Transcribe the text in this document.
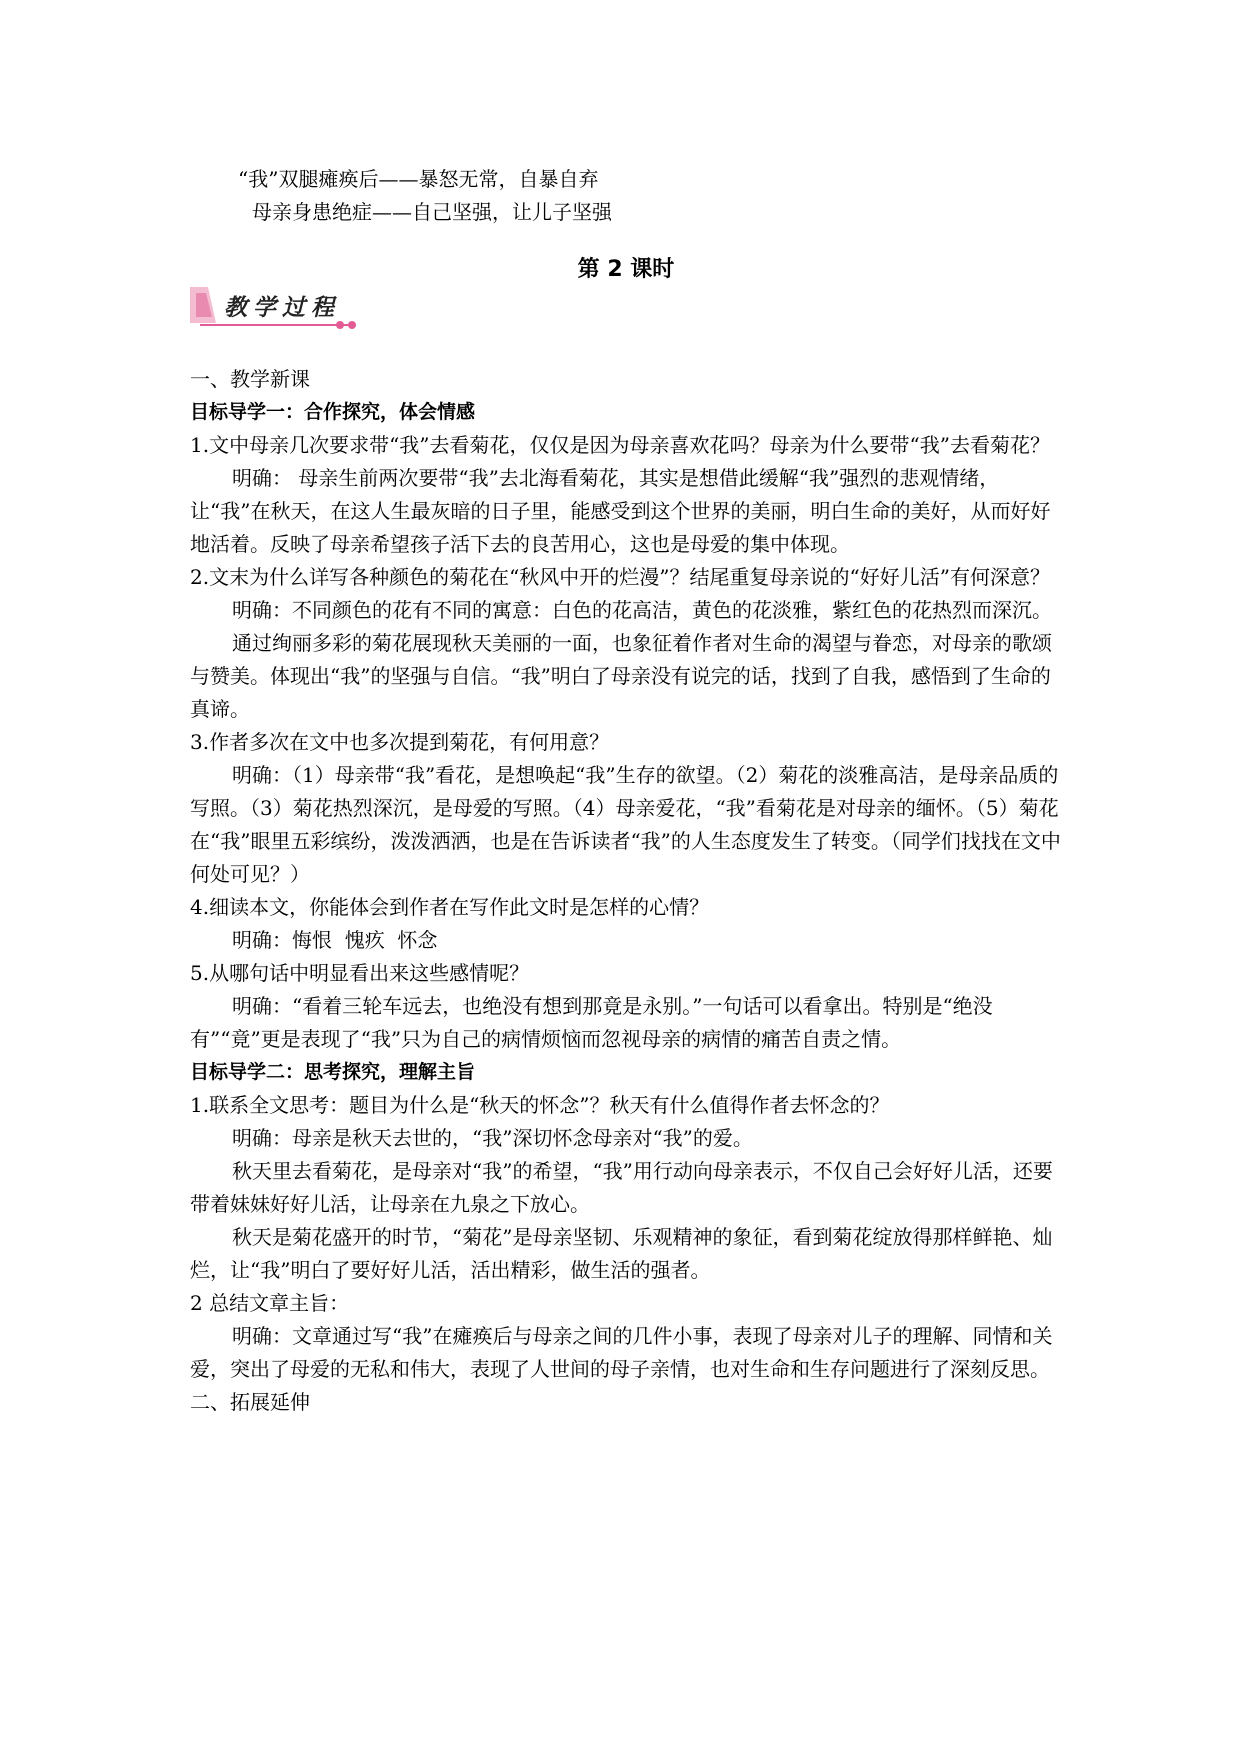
“我”双腿瘫痪后——暴怒无常，自暴自弃

母亲身患绝症——自己坚强，让儿子坚强

第 2 课时

教学过程

一、教学新课

目标导学一：合作探究，体会情感

1.文中母亲几次要求带“我”去看菊花，仅仅是因为母亲喜欢花吗？母亲为什么要带“我”去看菊花？

明确： 母亲生前两次要带“我”去北海看菊花，其实是想借此缓解“我”强烈的悲观情绪，让“我”在秋天，在这人生最灰暗的日子里，能感受到这个世界的美丽，明白生命的美好，从而好好地活着。反映了母亲希望孩子活下去的良苦用心，这也是母爱的集中体现。

2.文末为什么详写各种颜色的菊花在“秋风中开的烂漫”？结尾重复母亲说的“好好儿活”有何深意？

明确：不同颜色的花有不同的寓意：白色的花高洁，黄色的花淡雅，紫红色的花热烈而深沉。

通过绚丽多彩的菊花展现秋天美丽的一面，也象征着作者对生命的渴望与眷恋，对母亲的歌颂与赞美。体现出“我”的坚强与自信。“我”明白了母亲没有说完的话，找到了自我，感悟到了生命的真谛。

3.作者多次在文中也多次提到菊花，有何用意？

明确：（1）母亲带“我”看花，是想唤起“我”生存的欲望。（2）菊花的淡雅高洁，是母亲品质的写照。（3）菊花热烈深沉，是母爱的写照。（4）母亲爱花，“我”看菊花是对母亲的缅怀。（5）菊花在“我”眼里五彩缤纷，泼泼洒洒，也是在告诉读者“我”的人生态度发生了转变。（同学们找找在文中何处可见？）

4.细读本文，你能体会到作者在写作此文时是怎样的心情？

明确：悔恨  愧疚  怀念

5.从哪句话中明显看出来这些感情呢？

明确：“看着三轮车远去，也绝没有想到那竟是永别。”一句话可以看拿出。特别是“绝没有”“竟”更是表现了“我”只为自己的病情烦恼而忽视母亲的病情的痛苦自责之情。

目标导学二：思考探究，理解主旨

1.联系全文思考：题目为什么是“秋天的怀念”？秋天有什么值得作者去怀念的？

明确：母亲是秋天去世的，“我”深切怀念母亲对“我”的爱。

秋天里去看菊花，是母亲对“我”的希望，“我”用行动向母亲表示，不仅自己会好好儿活，还要带着妹妹好好儿活，让母亲在九泉之下放心。

秋天是菊花盛开的时节，“菊花”是母亲坚韧、乐观精神的象征，看到菊花绽放得那样鲜艳、灿烂，让“我”明白了要好好儿活，活出精彩，做生活的强者。

2 总结文章主旨：

明确：文章通过写“我”在瘫痪后与母亲之间的几件小事，表现了母亲对儿子的理解、同情和关爱，突出了母爱的无私和伟大，表现了人世间的母子亲情，也对生命和生存问题进行了深刻反思。

二、拓展延伸
